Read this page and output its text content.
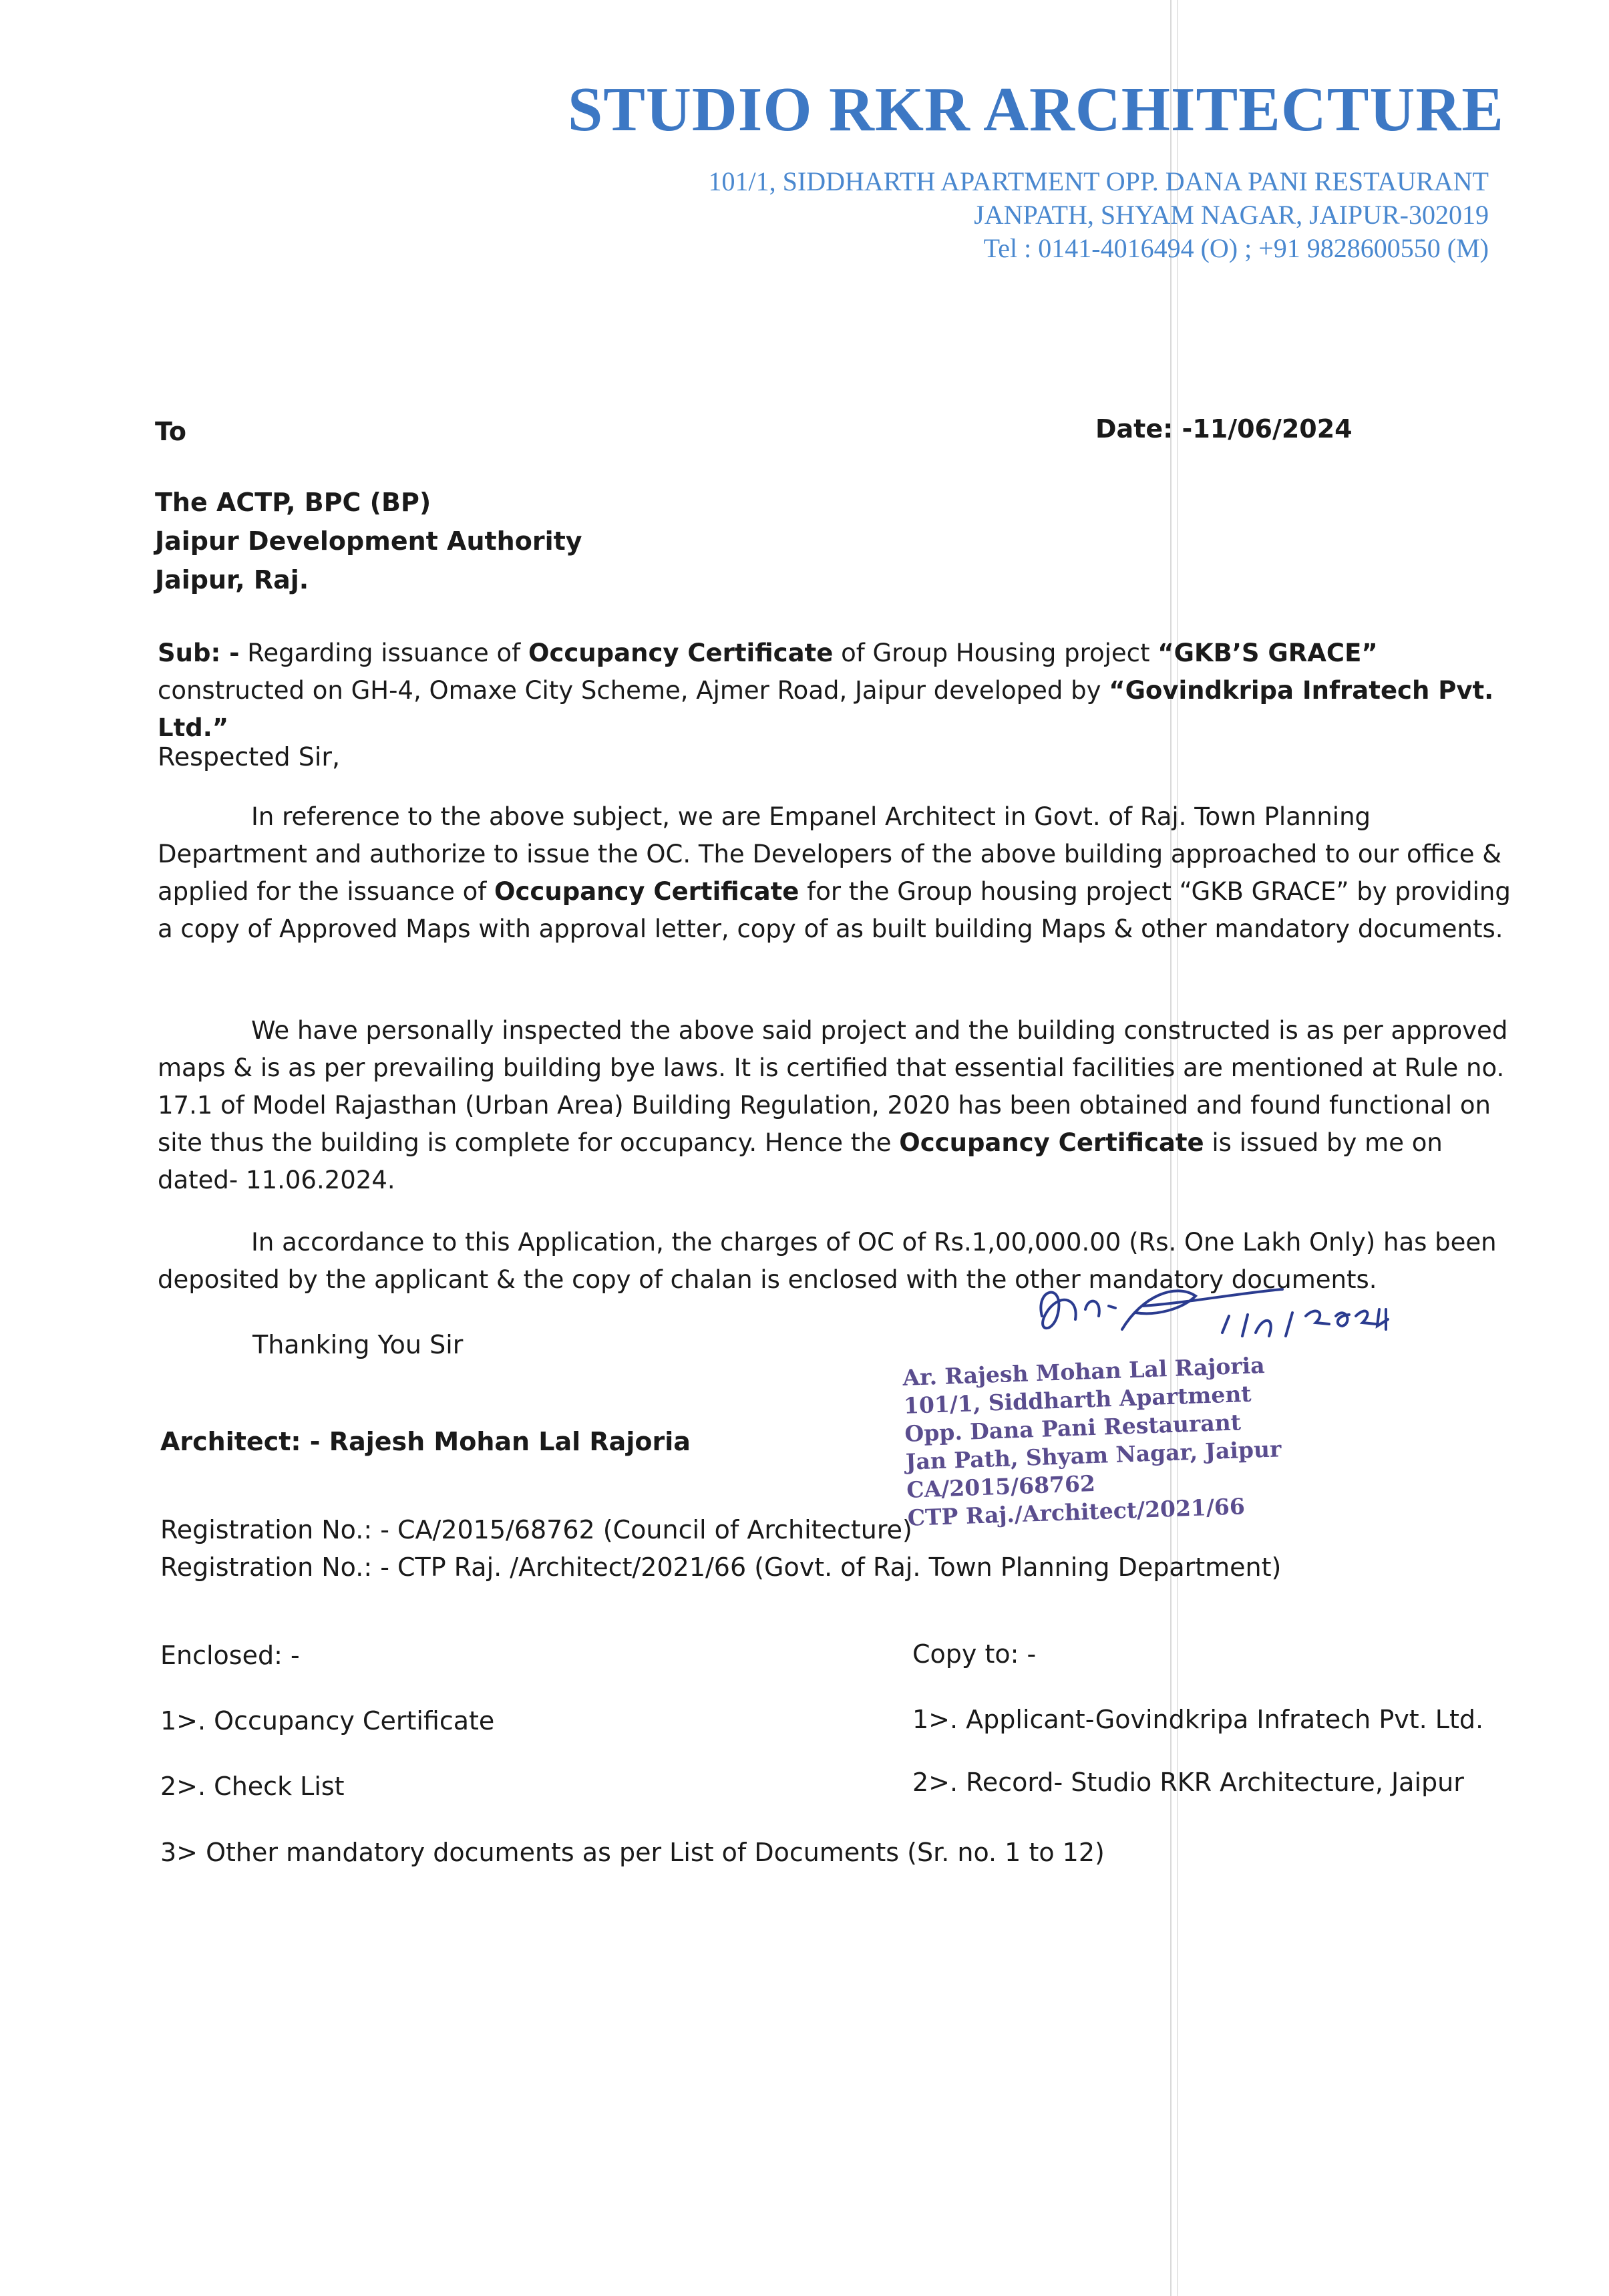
STUDIO RKR ARCHITECTURE
101/1, SIDDHARTH APARTMENT OPP. DANA PANI RESTAURANT
JANPATH, SHYAM NAGAR, JAIPUR-302019
Tel : 0141-4016494 (O) ; +91 9828600550 (M)
To	Date: -11/06/2024
The ACTP, BPC (BP)
Jaipur Development Authority
Jaipur, Raj.

Sub: - Regarding issuance of Occupancy Certificate of Group Housing project “GKB’S GRACE” constructed on GH-4, Omaxe City Scheme, Ajmer Road, Jaipur developed by “Govindkripa Infratech Pvt. Ltd.”

Respected Sir,

In reference to the above subject, we are Empanel Architect in Govt. of Raj. Town Planning Department and authorize to issue the OC. The Developers of the above building approached to our office & applied for the issuance of Occupancy Certificate for the Group housing project “GKB GRACE” by providing a copy of Approved Maps with approval letter, copy of as built building Maps & other mandatory documents.

We have personally inspected the above said project and the building constructed is as per approved maps & is as per prevailing building bye laws. It is certified that essential facilities are mentioned at Rule no. 17.1 of Model Rajasthan (Urban Area) Building Regulation, 2020 has been obtained and found functional on site thus the building is complete for occupancy. Hence the Occupancy Certificate is issued by me on dated- 11.06.2024.

In accordance to this Application, the charges of OC of Rs.1,00,000.00 (Rs. One Lakh Only) has been deposited by the applicant & the copy of chalan is enclosed with the other mandatory documents.

Thanking You Sir
Ar. Rajesh Mohan Lal Rajoria
101/1, Siddharth Apartment
Opp. Dana Pani Restaurant
Jan Path, Shyam Nagar, Jaipur
CA/2015/68762
CTP Raj./Architect/2021/66
Architect: - Rajesh Mohan Lal Rajoria
Registration No.: - CA/2015/68762 (Council of Architecture)
Registration No.: - CTP Raj. /Architect/2021/66 (Govt. of Raj. Town Planning Department)
Enclosed: -
1>. Occupancy Certificate
2>. Check List
3> Other mandatory documents as per List of Documents (Sr. no. 1 to 12)
Copy to: -
1>. Applicant-Govindkripa Infratech Pvt. Ltd.
2>. Record- Studio RKR Architecture, Jaipur
